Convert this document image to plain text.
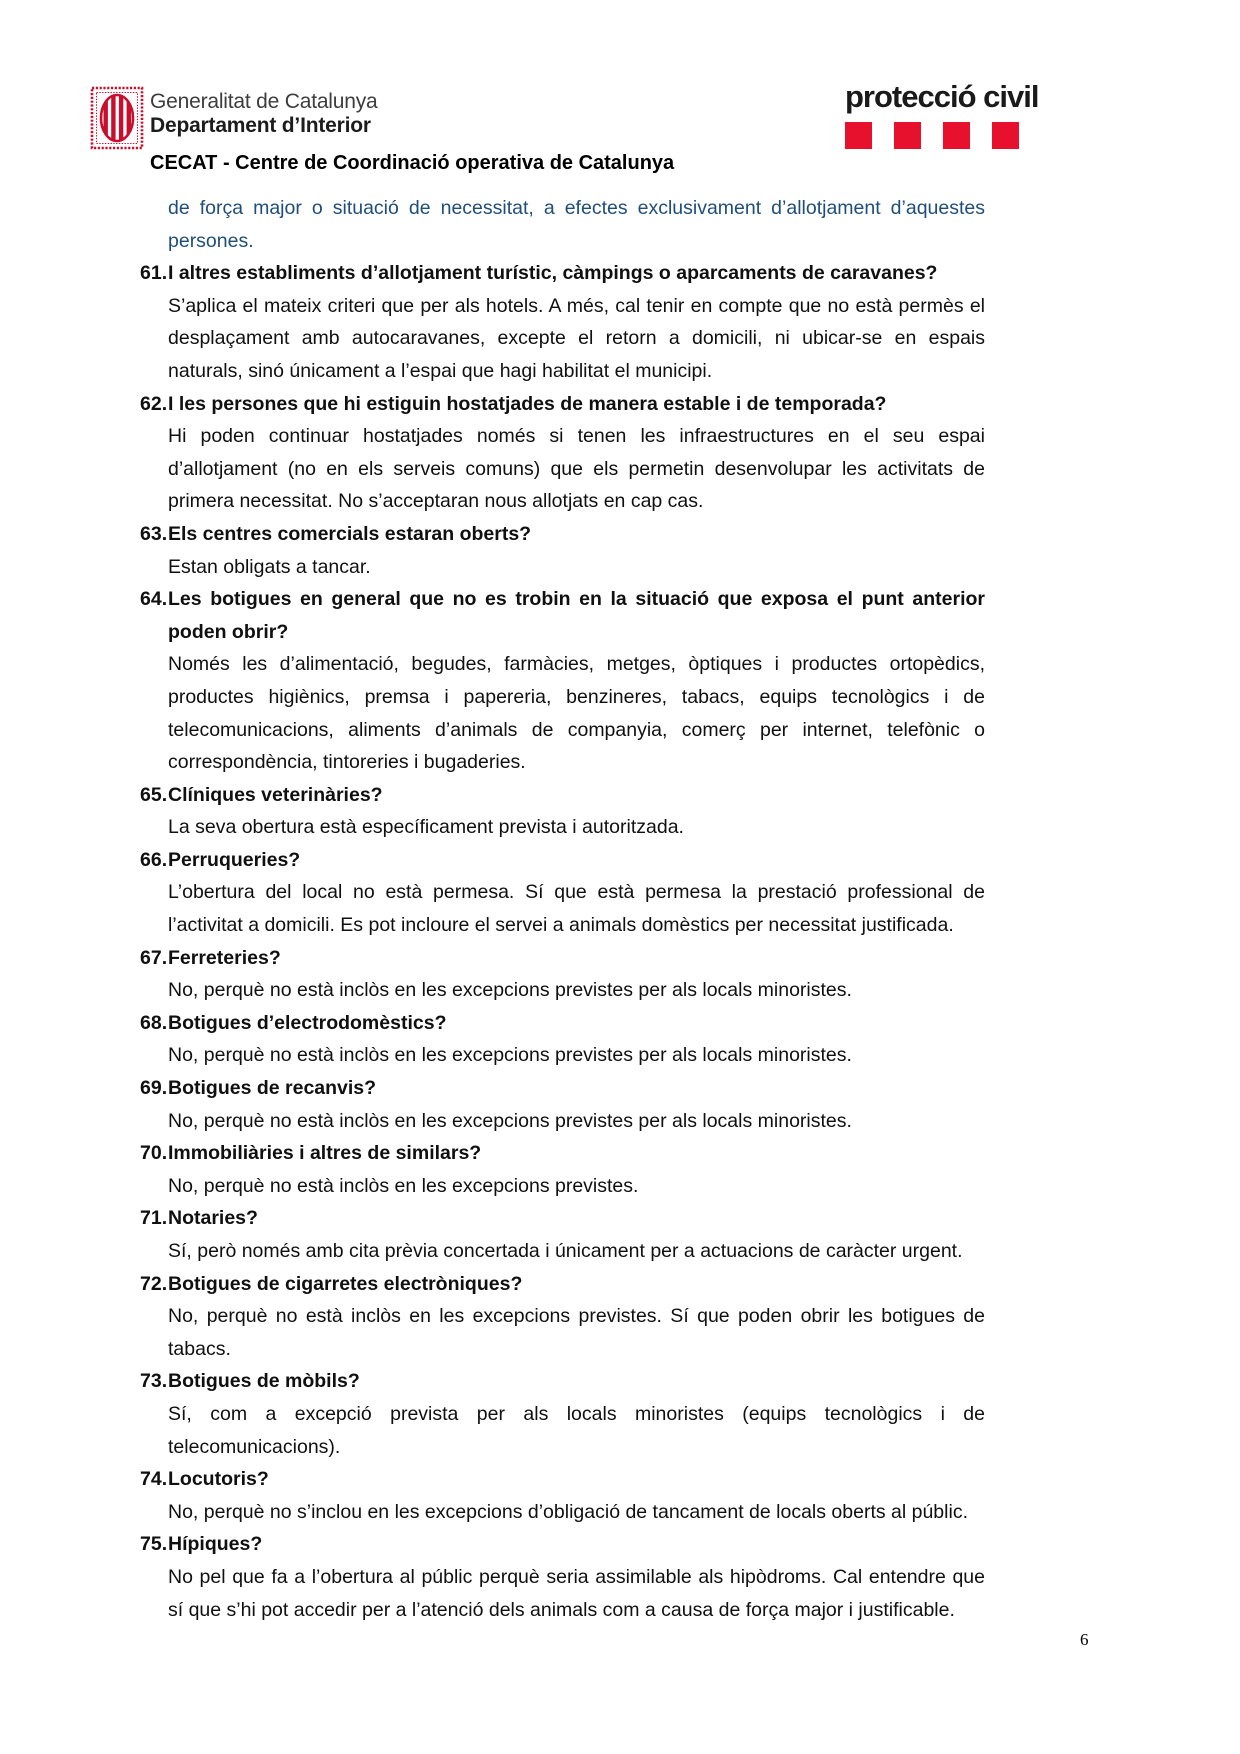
Generalitat de Catalunya
Departament d’Interior
protecció civil
CECAT - Centre de Coordinació operativa de Catalunya

de força major o situació de necessitat, a efectes exclusivament d’allotjament d’aquestes persones.

61. I altres establiments d’allotjament turístic, càmpings o aparcaments de caravanes?

S’aplica el mateix criteri que per als hotels. A més, cal tenir en compte que no està permès el desplaçament amb autocaravanes, excepte el retorn a domicili, ni ubicar-se en espais naturals, sinó únicament a l’espai que hagi habilitat el municipi.

62. I les persones que hi estiguin hostatjades de manera estable i de temporada?

Hi poden continuar hostatjades només si tenen les infraestructures en el seu espai d’allotjament (no en els serveis comuns) que els permetin desenvolupar les activitats de primera necessitat. No s’acceptaran nous allotjats en cap cas.

63. Els centres comercials estaran oberts?

Estan obligats a tancar.

64. Les botigues en general que no es trobin en la situació que exposa el punt anterior poden obrir?

Només les d’alimentació, begudes, farmàcies, metges, òptiques i productes ortopèdics, productes higiènics, premsa i papereria, benzineres, tabacs, equips tecnològics i de telecomunicacions, aliments d’animals de companyia, comerç per internet, telefònic o correspondència, tintoreries i bugaderies.

65. Clíniques veterinàries?

La seva obertura està específicament prevista i autoritzada.

66. Perruqueries?

L’obertura del local no està permesa. Sí que està permesa la prestació professional de l’activitat a domicili. Es pot incloure el servei a animals domèstics per necessitat justificada.

67. Ferreteries?

No, perquè no està inclòs en les excepcions previstes per als locals minoristes.

68. Botigues d’electrodomèstics?

No, perquè no està inclòs en les excepcions previstes per als locals minoristes.

69. Botigues de recanvis?

No, perquè no està inclòs en les excepcions previstes per als locals minoristes.

70. Immobiliàries i altres de similars?

No, perquè no està inclòs en les excepcions previstes.

71. Notaries?

Sí, però només amb cita prèvia concertada i únicament per a actuacions de caràcter urgent.

72. Botigues de cigarretes electròniques?

No, perquè no està inclòs en les excepcions previstes. Sí que poden obrir les botigues de tabacs.

73. Botigues de mòbils?

Sí, com a excepció prevista per als locals minoristes (equips tecnològics i de telecomunicacions).

74. Locutoris?

No, perquè no s’inclou en les excepcions d’obligació de tancament de locals oberts al públic.

75. Hípiques?

No pel que fa a l’obertura al públic perquè seria assimilable als hipòdroms. Cal entendre que sí que s’hi pot accedir per a l’atenció dels animals com a causa de força major i justificable.

6
